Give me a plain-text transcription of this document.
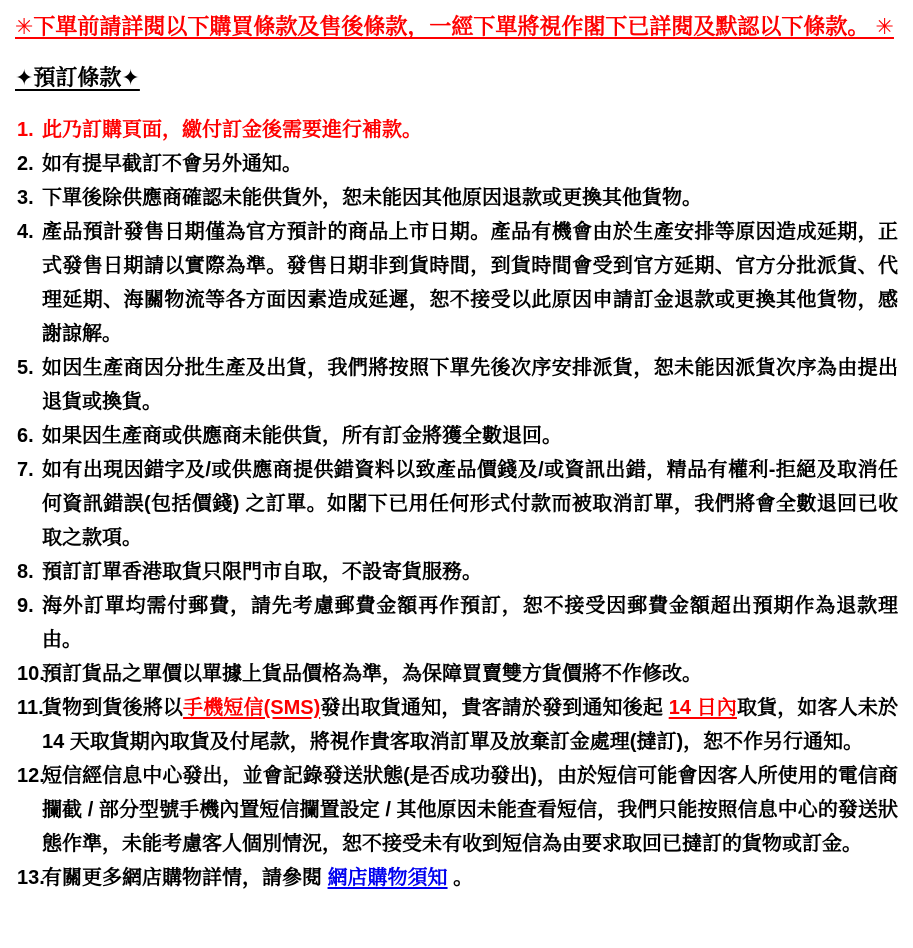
✳下單前請詳閱以下購買條款及售後條款，一經下單將視作閣下已詳閱及默認以下條款。 ✳
✦預訂條款✦
1. 此乃訂購頁面，繳付訂金後需要進行補款。
2. 如有提早截訂不會另外通知。
3. 下單後除供應商確認未能供貨外，恕未能因其他原因退款或更換其他貨物。
4. 產品預計發售日期僅為官方預計的商品上市日期。產品有機會由於生產安排等原因造成延期，正式發售日期請以實際為準。發售日期非到貨時間，到貨時間會受到官方延期、官方分批派貨、代理延期、海關物流等各方面因素造成延遲，恕不接受以此原因申請訂金退款或更換其他貨物，感謝諒解。
5. 如因生產商因分批生產及出貨，我們將按照下單先後次序安排派貨，恕未能因派貨次序為由提出退貨或換貨。
6. 如果因生產商或供應商未能供貨，所有訂金將獲全數退回。
7. 如有出現因錯字及/或供應商提供錯資料以致產品價錢及/或資訊出錯，精品有權利-拒絕及取消任何資訊錯誤(包括價錢) 之訂單。如閣下已用任何形式付款而被取消訂單，我們將會全數退回已收取之款項。
8. 預訂訂單香港取貨只限門市自取，不設寄貨服務。
9. 海外訂單均需付郵費，請先考慮郵費金額再作預訂，恕不接受因郵費金額超出預期作為退款理由。
10.
預訂貨品之單價以單據上貨品價格為準，為保障買賣雙方貨價將不作修改。
11.
貨物到貨後將以手機短信(SMS)發出取貨通知，貴客請於發到通知後起 14 日內取貨，如客人未於 14 天取貨期內取貨及付尾款，將視作貴客取消訂單及放棄訂金處理(撻訂)，恕不作另行通知。
12.
短信經信息中心發出，並會記錄發送狀態(是否成功發出)，由於短信可能會因客人所使用的電信商攔截 / 部分型號手機內置短信攔置設定 / 其他原因未能查看短信，我們只能按照信息中心的發送狀態作準，未能考慮客人個別情況，恕不接受未有收到短信為由要求取回已撻訂的貨物或訂金。
13.
有關更多網店購物詳情，請參閱 網店購物須知 。
